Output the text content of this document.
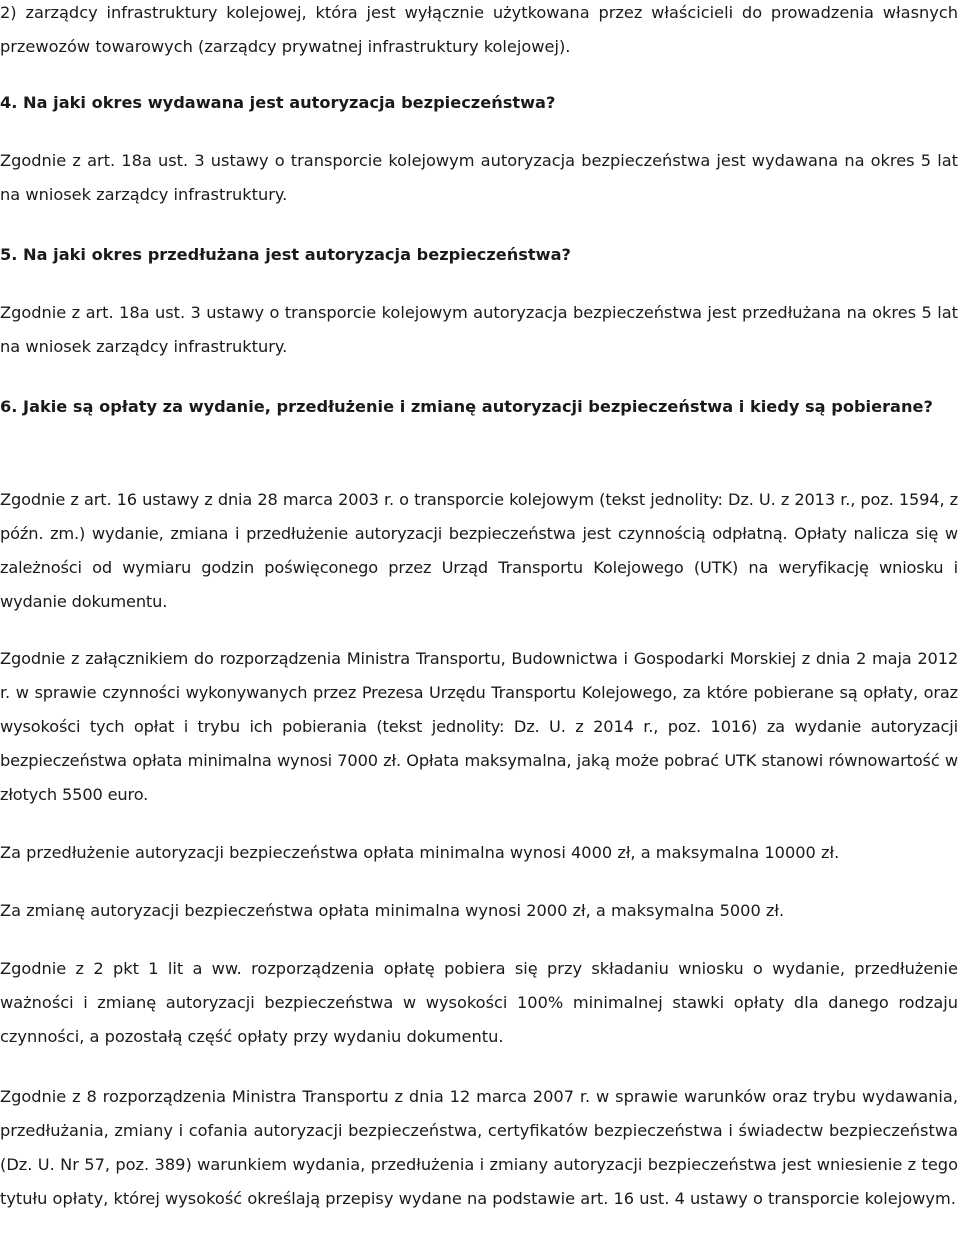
2) zarządcy infrastruktury kolejowej, która jest wyłącznie użytkowana przez właścicieli do prowadzenia własnych przewozów towarowych (zarządcy prywatnej infrastruktury kolejowej).

4. Na jaki okres wydawana jest autoryzacja bezpieczeństwa?

Zgodnie z art. 18a ust. 3 ustawy o transporcie kolejowym autoryzacja bezpieczeństwa jest wydawana na okres 5 lat na wniosek zarządcy infrastruktury.

5. Na jaki okres przedłużana jest autoryzacja bezpieczeństwa?

Zgodnie z art. 18a ust. 3 ustawy o transporcie kolejowym autoryzacja bezpieczeństwa jest przedłużana na okres 5 lat na wniosek zarządcy infrastruktury.

6. Jakie są opłaty za wydanie, przedłużenie i zmianę autoryzacji bezpieczeństwa i kiedy są pobierane?

Zgodnie z art. 16 ustawy z dnia 28 marca 2003 r. o transporcie kolejowym (tekst jednolity: Dz. U. z 2013 r., poz. 1594, z późn. zm.) wydanie, zmiana i przedłużenie autoryzacji bezpieczeństwa jest czynnością odpłatną. Opłaty nalicza się w zależności od wymiaru godzin poświęconego przez Urząd Transportu Kolejowego (UTK) na weryfikację wniosku i wydanie dokumentu.

Zgodnie z załącznikiem do rozporządzenia Ministra Transportu, Budownictwa i Gospodarki Morskiej z dnia 2 maja 2012 r. w sprawie czynności wykonywanych przez Prezesa Urzędu Transportu Kolejowego, za które pobierane są opłaty, oraz wysokości tych opłat i trybu ich pobierania (tekst jednolity: Dz. U. z 2014 r., poz. 1016) za wydanie autoryzacji bezpieczeństwa opłata minimalna wynosi 7000 zł. Opłata maksymalna, jaką może pobrać UTK stanowi równowartość w złotych 5500 euro.

Za przedłużenie autoryzacji bezpieczeństwa opłata minimalna wynosi 4000 zł, a maksymalna 10000 zł.

Za zmianę autoryzacji bezpieczeństwa opłata minimalna wynosi 2000 zł, a maksymalna 5000 zł.

Zgodnie z 2 pkt 1 lit a ww. rozporządzenia opłatę pobiera się przy składaniu wniosku o wydanie, przedłużenie ważności i zmianę autoryzacji bezpieczeństwa w wysokości 100% minimalnej stawki opłaty dla danego rodzaju czynności, a pozostałą część opłaty przy wydaniu dokumentu.

Zgodnie z 8 rozporządzenia Ministra Transportu z dnia 12 marca 2007 r. w sprawie warunków oraz trybu wydawania, przedłużania, zmiany i cofania autoryzacji bezpieczeństwa, certyfikatów bezpieczeństwa i świadectw bezpieczeństwa (Dz. U. Nr 57, poz. 389) warunkiem wydania, przedłużenia i zmiany autoryzacji bezpieczeństwa jest wniesienie z tego tytułu opłaty, której wysokość określają przepisy wydane na podstawie art. 16 ust. 4 ustawy o transporcie kolejowym.
